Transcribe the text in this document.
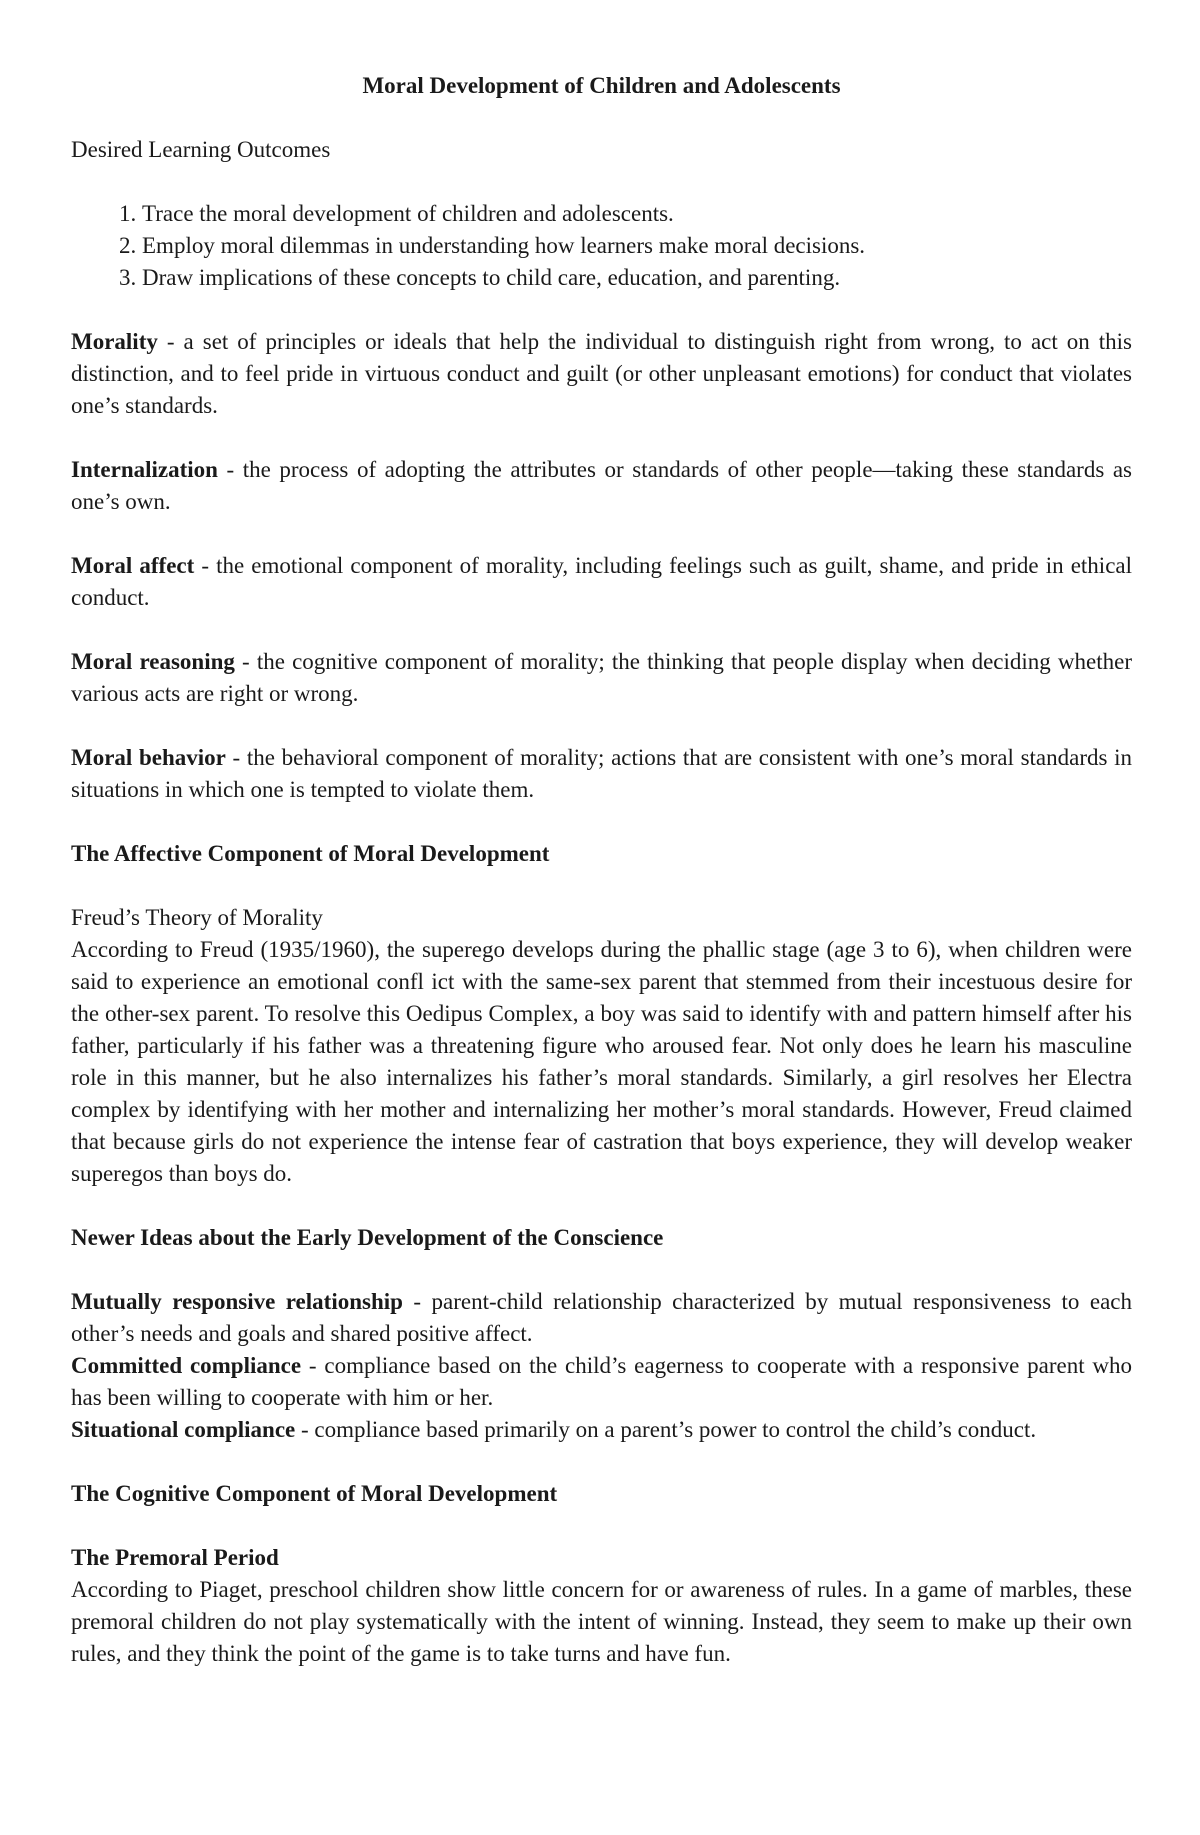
Moral Development of Children and Adolescents

Desired Learning Outcomes

1. Trace the moral development of children and adolescents.
2. Employ moral dilemmas in understanding how learners make moral decisions.
3. Draw implications of these concepts to child care, education, and parenting.

Morality - a set of principles or ideals that help the individual to distinguish right from wrong, to act on this distinction, and to feel pride in virtuous conduct and guilt (or other unpleasant emotions) for conduct that violates one’s standards.

Internalization - the process of adopting the attributes or standards of other people—taking these standards as one’s own.

Moral affect - the emotional component of morality, including feelings such as guilt, shame, and pride in ethical conduct.

Moral reasoning - the cognitive component of morality; the thinking that people display when deciding whether various acts are right or wrong.

Moral behavior - the behavioral component of morality; actions that are consistent with one’s moral standards in situations in which one is tempted to violate them.

The Affective Component of Moral Development

Freud’s Theory of Morality

According to Freud (1935/1960), the superego develops during the phallic stage (age 3 to 6), when children were said to experience an emotional confl ict with the same-sex parent that stemmed from their incestuous desire for the other-sex parent. To resolve this Oedipus Complex, a boy was said to identify with and pattern himself after his father, particularly if his father was a threatening figure who aroused fear. Not only does he learn his masculine role in this manner, but he also internalizes his father’s moral standards. Similarly, a girl resolves her Electra complex by identifying with her mother and internalizing her mother’s moral standards. However, Freud claimed that because girls do not experience the intense fear of castration that boys experience, they will develop weaker superegos than boys do.

Newer Ideas about the Early Development of the Conscience

Mutually responsive relationship - parent-child relationship characterized by mutual responsiveness to each other’s needs and goals and shared positive affect.

Committed compliance - compliance based on the child’s eagerness to cooperate with a responsive parent who has been willing to cooperate with him or her.

Situational compliance - compliance based primarily on a parent’s power to control the child’s conduct.

The Cognitive Component of Moral Development

The Premoral Period

According to Piaget, preschool children show little concern for or awareness of rules. In a game of marbles, these premoral children do not play systematically with the intent of winning. Instead, they seem to make up their own rules, and they think the point of the game is to take turns and have fun.
